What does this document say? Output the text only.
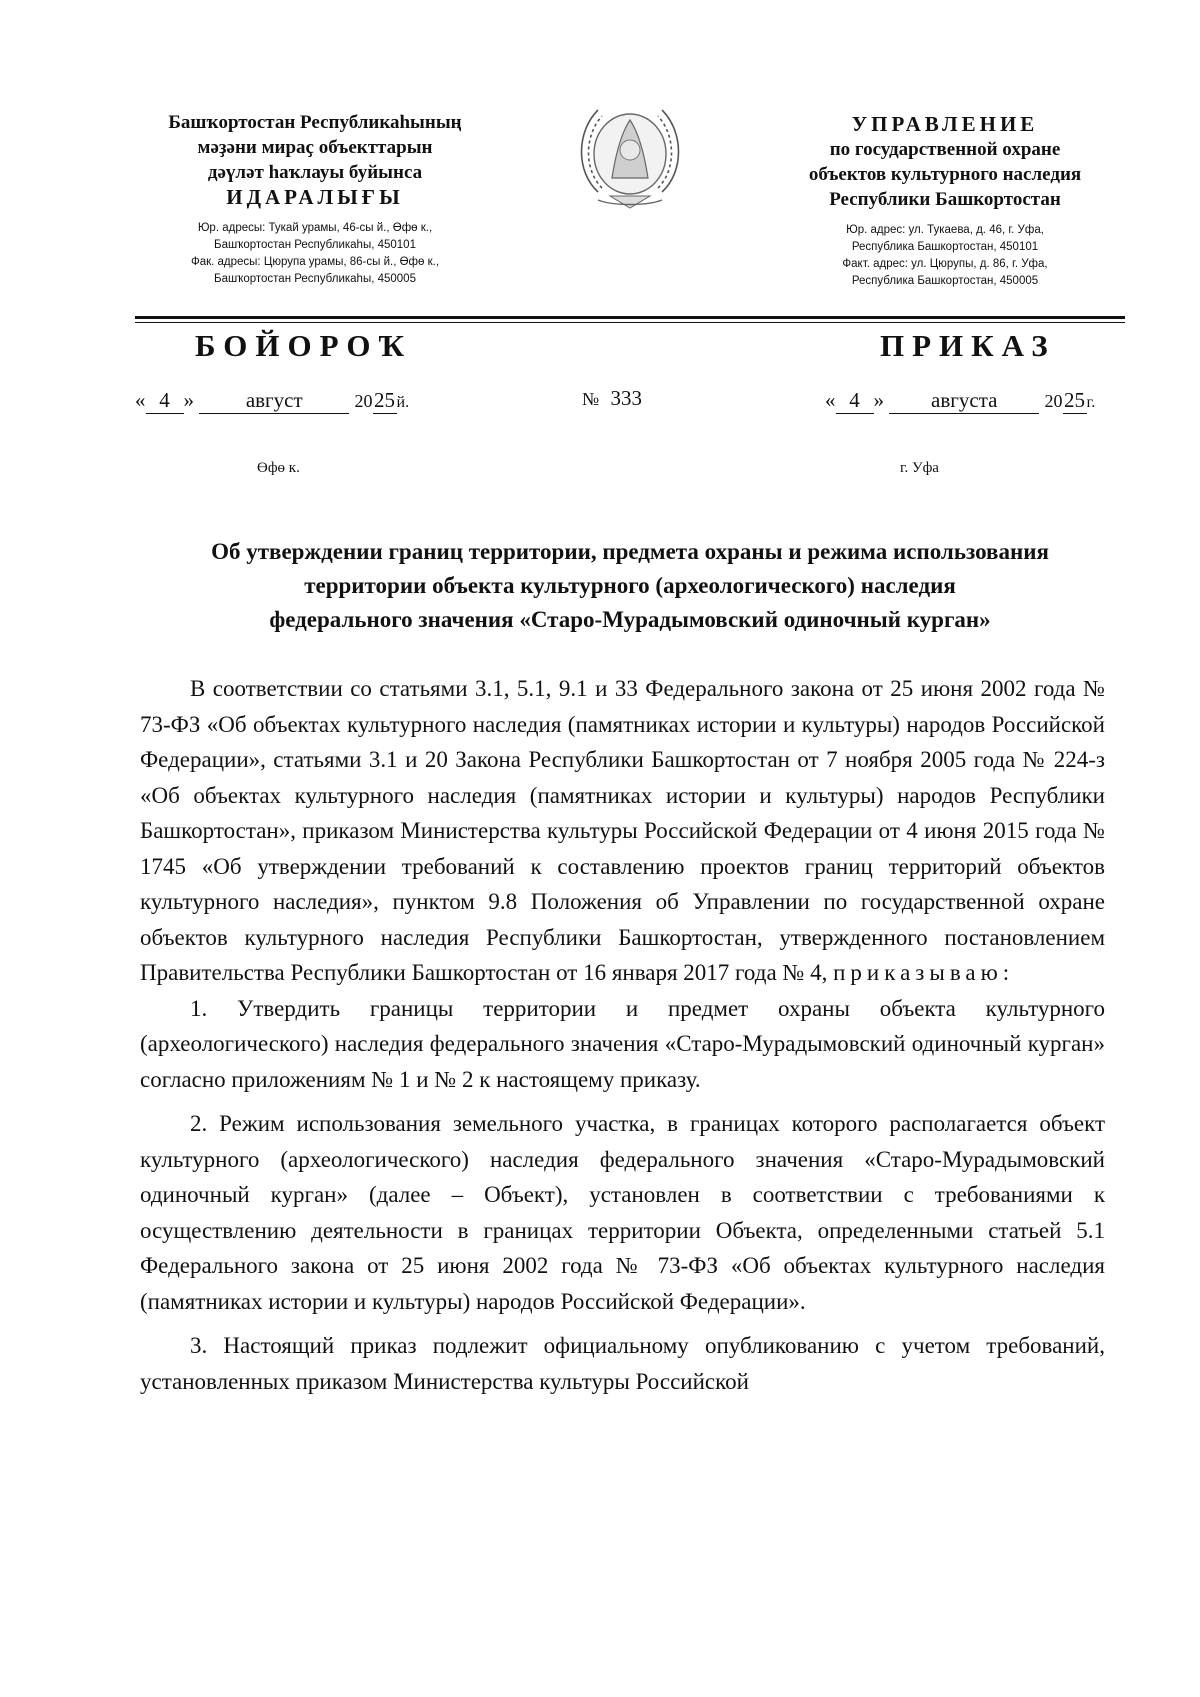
Башҡортостан Республикаһының
мәҙәни мираҫ объекттарын
дәүләт һаҡлауы буйынса
ИДАРАЛЫҒЫ
Юр. адресы: Тукай урамы, 46-сы й., Өфө к.,
Башҡортостан Республикаһы, 450101
Фак. адресы: Цюрупа урамы, 86-сы й., Өфө к.,
Башҡортостан Республикаһы, 450005
УПРАВЛЕНИЕ
по государственной охране
объектов культурного наследия
Республики Башкортостан
Юр. адрес: ул. Тукаева, д. 46, г. Уфа,
Республика Башкортостан, 450101
Факт. адрес: ул. Цюрупы, д. 86, г. Уфа,
Республика Башкортостан, 450005
БОЙОРОҠ	ПРИКАЗ
« 4 » август	2025й.	№ 333	« 4 » августа	2025г.
Өфө к.	г. Уфа
Об утверждении границ территории, предмета охраны и режима использования
территории объекта культурного (археологического) наследия
федерального значения «Старо-Мурадымовский одиночный курган»

В соответствии со статьями 3.1, 5.1, 9.1 и 33 Федерального закона от 25 июня 2002 года № 73-ФЗ «Об объектах культурного наследия (памятниках истории и культуры) народов Российской Федерации», статьями 3.1 и 20 Закона Республики Башкортостан от 7 ноября 2005 года № 224-з «Об объектах культурного наследия (памятниках истории и культуры) народов Республики Башкортостан», приказом Министерства культуры Российской Федерации от 4 июня 2015 года № 1745 «Об утверждении требований к составлению проектов границ территорий объектов культурного наследия», пунктом 9.8 Положения об Управлении по государственной охране объектов культурного наследия Республики Башкортостан, утвержденного постановлением Правительства Республики Башкортостан от 16 января 2017 года № 4, приказываю:

1. Утвердить границы территории и предмет охраны объекта культурного (археологического) наследия федерального значения «Старо-Мурадымовский одиночный курган» согласно приложениям № 1 и № 2 к настоящему приказу.

2. Режим использования земельного участка, в границах которого располагается объект культурного (археологического) наследия федерального значения «Старо-Мурадымовский одиночный курган» (далее – Объект), установлен в соответствии с требованиями к осуществлению деятельности в границах территории Объекта, определенными статьей 5.1 Федерального закона от 25 июня 2002 года № 73-ФЗ «Об объектах культурного наследия (памятниках истории и культуры) народов Российской Федерации».

3. Настоящий приказ подлежит официальному опубликованию с учетом требований, установленных приказом Министерства культуры Российской
